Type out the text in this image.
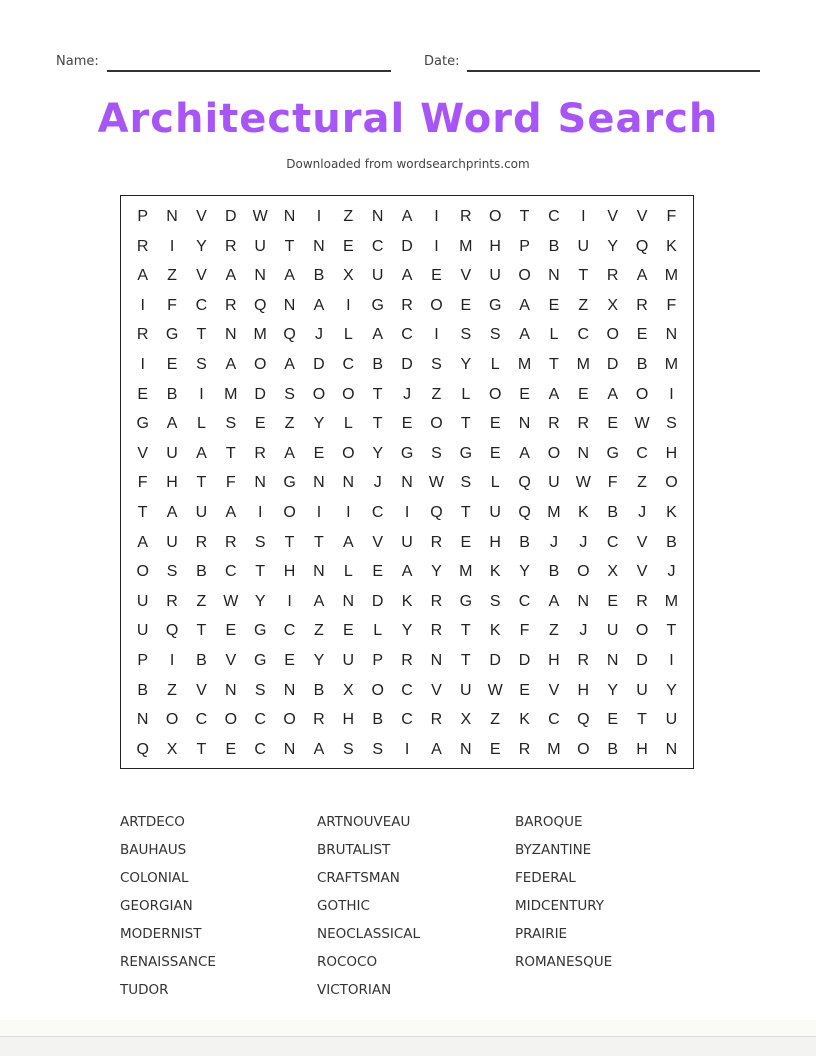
Name:	Date:
Architectural Word Search
Downloaded from wordsearchprints.com
P	N	V	D	W	N	I	Z	N	A	I	R	O	T	C	I	V	V	F
R	I	Y	R	U	T	N	E	C	D	I	M	H	P	B	U	Y	Q	K
A	Z	V	A	N	A	B	X	U	A	E	V	U	O	N	T	R	A	M
I	F	C	R	Q	N	A	I	G	R	O	E	G	A	E	Z	X	R	F
R	G	T	N	M	Q	J	L	A	C	I	S	S	A	L	C	O	E	N
I	E	S	A	O	A	D	C	B	D	S	Y	L	M	T	M	D	B	M
E	B	I	M	D	S	O	O	T	J	Z	L	O	E	A	E	A	O	I
G	A	L	S	E	Z	Y	L	T	E	O	T	E	N	R	R	E	W	S
V	U	A	T	R	A	E	O	Y	G	S	G	E	A	O	N	G	C	H
F	H	T	F	N	G	N	N	J	N	W	S	L	Q	U	W	F	Z	O
T	A	U	A	I	O	I	I	C	I	Q	T	U	Q	M	K	B	J	K
A	U	R	R	S	T	T	A	V	U	R	E	H	B	J	J	C	V	B
O	S	B	C	T	H	N	L	E	A	Y	M	K	Y	B	O	X	V	J
U	R	Z	W	Y	I	A	N	D	K	R	G	S	C	A	N	E	R	M
U	Q	T	E	G	C	Z	E	L	Y	R	T	K	F	Z	J	U	O	T
P	I	B	V	G	E	Y	U	P	R	N	T	D	D	H	R	N	D	I
B	Z	V	N	S	N	B	X	O	C	V	U	W	E	V	H	Y	U	Y
N	O	C	O	C	O	R	H	B	C	R	X	Z	K	C	Q	E	T	U
Q	X	T	E	C	N	A	S	S	I	A	N	E	R	M	O	B	H	N
ARTDECO	ARTNOUVEAU	BAROQUE
BAUHAUS	BRUTALIST	BYZANTINE
COLONIAL	CRAFTSMAN	FEDERAL
GEORGIAN	GOTHIC	MIDCENTURY
MODERNIST	NEOCLASSICAL	PRAIRIE
RENAISSANCE	ROCOCO	ROMANESQUE
TUDOR	VICTORIAN
